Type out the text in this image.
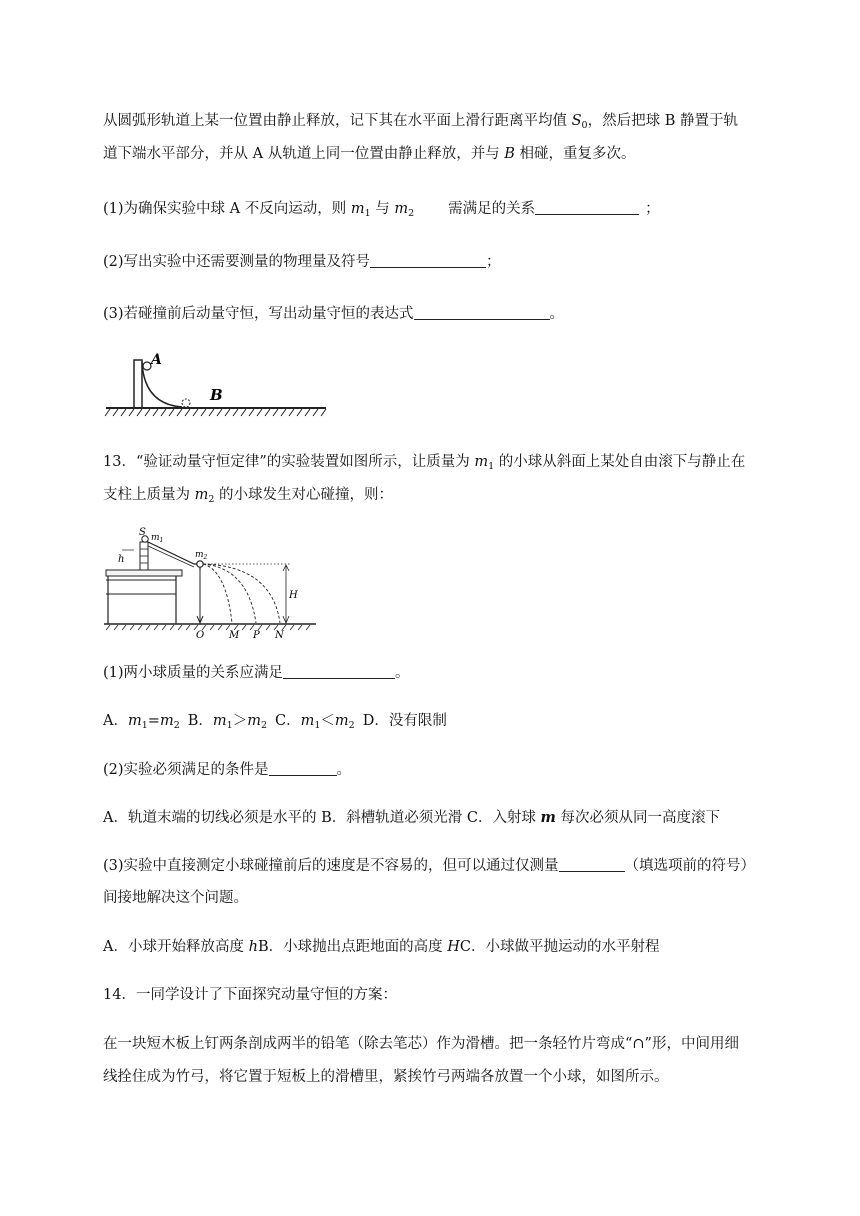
从圆弧形轨道上某一位置由静止释放，记下其在水平面上滑行距离平均值 $S_0$，然后把球 B 静置于轨
道下端水平部分，并从 A 从轨道上同一位置由静止释放，并与 B 相碰，重复多次。
(1)为确保实验中球 A 不反向运动，则 $m_1$ 与 $m_2$ 需满足的关系	；
(2)写出实验中还需要测量的物理量及符号	；
(3)若碰撞前后动量守恒，写出动量守恒的表达式	。
A
B
13．“验证动量守恒定律”的实验装置如图所示，让质量为 $m_1$ 的小球从斜面上某处自由滚下与静止在
支柱上质量为 $m_2$ 的小球发生对心碰撞，则：
S $m_1$
h	$m_2$
H
O M P N
(1)两小球质量的关系应满足	。
A．$m_1=m_2$ B．$m_1>m_2$ C．$m_1<m_2$ D．没有限制
(2)实验必须满足的条件是	。
A．轨道末端的切线必须是水平的 B．斜槽轨道必须光滑 C．入射球 m 每次必须从同一高度滚下
(3)实验中直接测定小球碰撞前后的速度是不容易的，但可以通过仅测量	（填选项前的符号）
间接地解决这个问题。
A．小球开始释放高度 hB．小球抛出点距地面的高度 HC．小球做平抛运动的水平射程
14．一同学设计了下面探究动量守恒的方案：
在一块短木板上钉两条剖成两半的铅笔（除去笔芯）作为滑槽。把一条轻竹片弯成“∩”形，中间用细
线拴住成为竹弓，将它置于短板上的滑槽里，紧挨竹弓两端各放置一个小球，如图所示。
